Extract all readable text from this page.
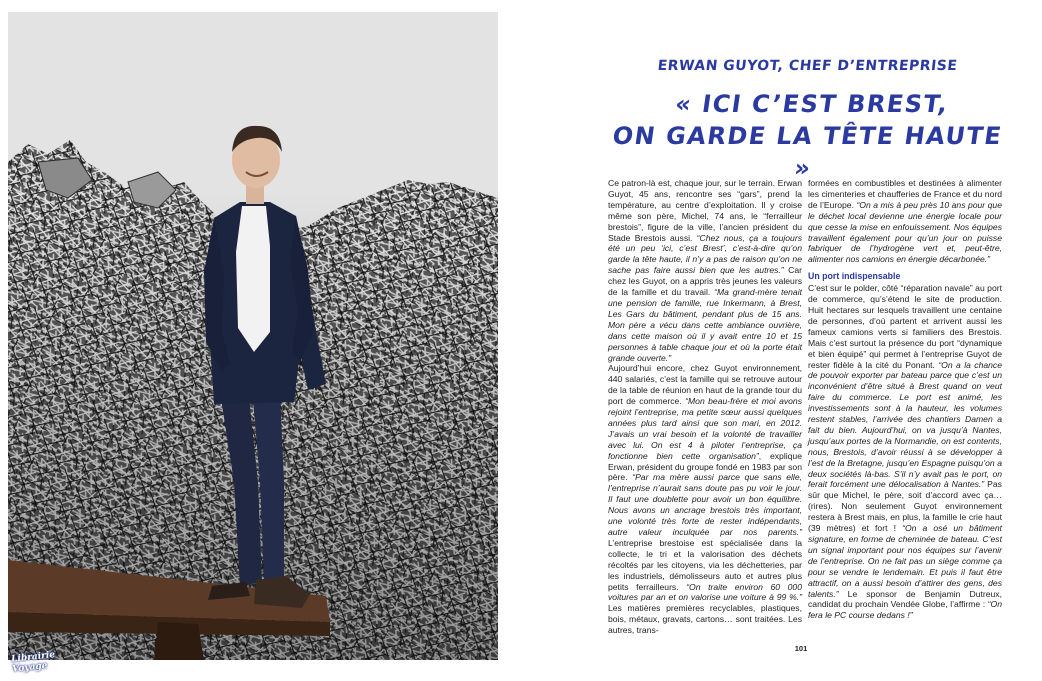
Librairie
Voyage
ERWAN GUYOT, CHEF D’ENTREPRISE
« ICI C’EST BREST,
ON GARDE LA TÊTE HAUTE »

Ce patron-là est, chaque jour, sur le terrain. Erwan Guyot, 45 ans, rencontre ses “gars”, prend la température, au centre d’exploitation. Il y croise même son père, Michel, 74 ans, le “ferrailleur brestois”, figure de la ville, l’ancien président du Stade Brestois aussi. “Chez nous, ça a toujours été un peu ‘ici, c’est Brest’, c’est-à-dire qu’on garde la tête haute, il n’y a pas de raison qu’on ne sache pas faire aussi bien que les autres.” Car chez les Guyot, on a appris très jeunes les valeurs de la famille et du travail. “Ma grand-mère tenait une pension de famille, rue Inkermann, à Brest, Les Gars du bâtiment, pendant plus de 15 ans. Mon père a vécu dans cette ambiance ouvrière, dans cette maison où il y avait entre 10 et 15 personnes à table chaque jour et où la porte était grande ouverte.”

Aujourd’hui encore, chez Guyot environnement, 440 salariés, c’est la famille qui se retrouve autour de la table de réunion en haut de la grande tour du port de commerce. “Mon beau-frère et moi avons rejoint l’entreprise, ma petite sœur aussi quelques années plus tard ainsi que son mari, en 2012. J’avais un vrai besoin et la volonté de travailler avec lui. On est 4 à piloter l’entreprise, ça fonctionne bien cette organisation”, explique Erwan, président du groupe fondé en 1983 par son père. “Par ma mère aussi parce que sans elle, l’entreprise n’aurait sans doute pas pu voir le jour. Il faut une doublette pour avoir un bon équilibre. Nous avons un ancrage brestois très important, une volonté très forte de rester indépendants, autre valeur inculquée par nos parents.” L’entreprise brestoise est spécialisée dans la collecte, le tri et la valorisation des déchets récoltés par les citoyens, via les déchetteries, par les industriels, démolisseurs auto et autres plus petits ferrailleurs. “On traite environ 60 000 voitures par an et on valorise une voiture à 99 %.” Les matières premières recyclables, plastiques, bois, métaux, gravats, cartons… sont traitées. Les autres, trans-

formées en combustibles et destinées à alimenter les cimenteries et chaufferies de France et du nord de l’Europe. “On a mis à peu près 10 ans pour que le déchet local devienne une énergie locale pour que cesse la mise en enfouissement. Nos équipes travaillent également pour qu’un jour on puisse fabriquer de l’hydrogène vert et, peut-être, alimenter nos camions en énergie décarbonée.”

Un port indispensable

C’est sur le polder, côté “réparation navale” au port de commerce, qu’s’étend le site de production. Huit hectares sur lesquels travaillent une centaine de personnes, d’où partent et arrivent aussi les fameux camions verts si familiers des Brestois. Mais c’est surtout la présence du port “dynamique et bien équipé” qui permet à l’entreprise Guyot de rester fidèle à la cité du Ponant. “On a la chance de pouvoir exporter par bateau parce que c’est un inconvénient d’être situé à Brest quand on veut faire du commerce. Le port est animé, les investissements sont à la hauteur, les volumes restent stables, l’arrivée des chantiers Damen a fait du bien. Aujourd’hui, on va jusqu’à Nantes, jusqu’aux portes de la Normandie, on est contents, nous, Brestois, d’avoir réussi à se développer à l’est de la Bretagne, jusqu’en Espagne puisqu’on a deux sociétés là-bas. S’il n’y avait pas le port, on ferait forcément une délocalisation à Nantes.” Pas sûr que Michel, le père, soit d’accord avec ça… (rires). Non seulement Guyot environnement restera à Brest mais, en plus, la famille le crie haut (39 mètres) et fort ! “On a osé un bâtiment signature, en forme de cheminée de bateau. C’est un signal important pour nos équipes sur l’avenir de l’entreprise. On ne fait pas un siège comme ça pour se vendre le lendemain. Et puis il faut être attractif, on a aussi besoin d’attirer des gens, des talents.” Le sponsor de Benjamin Dutreux, candidat du prochain Vendée Globe, l’affirme : “On fera le PC course dedans !”

101
